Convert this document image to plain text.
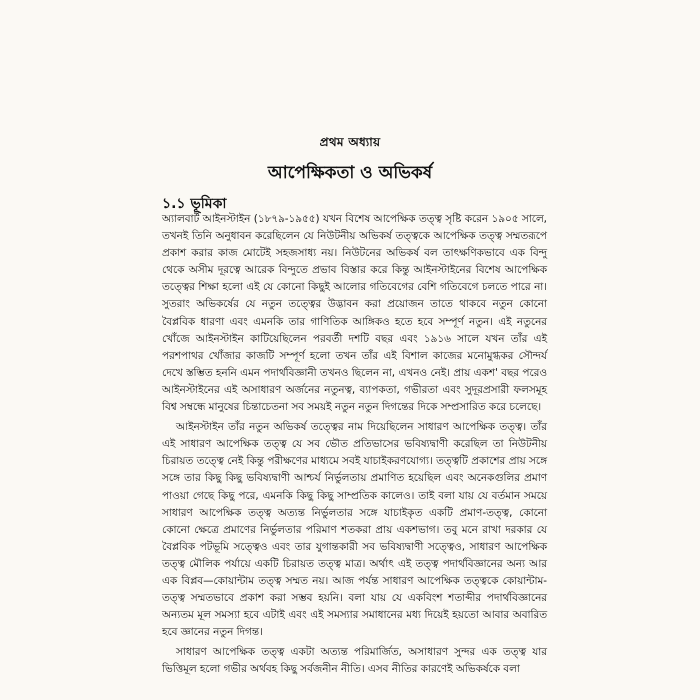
প্রথম অধ্যায়
আপেক্ষিকতা ও অভিকর্ষ
১.১ ভূমিকা

অ্যালবার্ট আইনস্টাইন (১৮৭৯-১৯৫৫) যখন বিশেষ আপেক্ষিক তত্ত্ব সৃষ্টি করেন ১৯০৫ সালে, তখনই তিনি অনুধাবন করেছিলেন যে নিউটনীয় অভিকর্ষ তত্ত্বকে আপেক্ষিক তত্ত্ব সম্মতরূপে প্রকাশ করার কাজ মোটেই সহজসাধ্য নয়। নিউটনের অভিকর্ষ বল তাৎক্ষণিকভাবে এক বিন্দু থেকে অসীম দূরত্বে আরেক বিন্দুতে প্রভাব বিস্তার করে কিন্তু আইনস্টাইনের বিশেষ আপেক্ষিক তত্ত্বের শিক্ষা হলো এই যে কোনো কিছুই আলোর গতিবেগের বেশি গতিবেগে চলতে পারে না। সুতরাং অভিকর্ষের যে নতুন তত্ত্বের উদ্ভাবন করা প্রয়োজন তাতে থাকবে নতুন কোনো বৈপ্লবিক ধারণা এবং এমনকি তার গাণিতিক আঙ্গিকও হতে হবে সম্পূর্ণ নতুন। এই নতুনের খোঁজে আইনস্টাইন কাটিয়েছিলেন পরবর্তী দশটি বছর এবং ১৯১৬ সালে যখন তাঁর এই পরশপাথর খোঁজার কাজটি সম্পূর্ণ হলো তখন তাঁর এই বিশাল কাজের মনোমুগ্ধকর সৌন্দর্য দেখে স্তম্ভিত হননি এমন পদার্থবিজ্ঞানী তখনও ছিলেন না, এখনও নেই। প্রায় একশ' বছর পরেও আইনস্টাইনের এই অসাধারণ অর্জনের নতুনত্ব, ব্যাপকতা, গভীরতা এবং সুদূরপ্রসারী ফলসমূহ বিশ্ব সম্বন্ধে মানুষের চিন্তাচেতনা সব সময়ই নতুন নতুন দিগন্তের দিকে সম্প্রসারিত করে চলেছে।

আইনস্টাইন তাঁর নতুন অভিকর্ষ তত্ত্বের নাম দিয়েছিলেন সাধারণ আপেক্ষিক তত্ত্ব। তাঁর এই সাধারণ আপেক্ষিক তত্ত্ব যে সব ভৌত প্রতিভাসের ভবিষ্যদ্বাণী করেছিল তা নিউটনীয় চিরায়ত তত্ত্বে নেই কিন্তু পরীক্ষণের মাধ্যমে সবই যাচাইকরণযোগ্য। তত্ত্বটি প্রকাশের প্রায় সঙ্গে সঙ্গে তার কিছু কিছু ভবিষ্যদ্বাণী আশ্চর্য নির্ভুলতায় প্রমাণিত হয়েছিল এবং অনেকগুলির প্রমাণ পাওয়া গেছে কিছু পরে, এমনকি কিছু কিছু সাম্প্রতিক কালেও। তাই বলা যায় যে বর্তমান সময়ে সাধারণ আপেক্ষিক তত্ত্ব অত্যন্ত নির্ভুলতার সঙ্গে যাচাইকৃত একটি প্রমাণ-তত্ত্ব, কোনো কোনো ক্ষেত্রে প্রমাণের নির্ভুলতার পরিমাণ শতকরা প্রায় একশভাগ। তবু মনে রাখা দরকার যে বৈপ্লবিক পটভূমি সত্ত্বেও এবং তার যুগান্তকারী সব ভবিষ্যদ্বাণী সত্ত্বেও, সাধারণ আপেক্ষিক তত্ত্ব মৌলিক পর্যায়ে একটি চিরায়ত তত্ত্ব মাত্র। অর্থাৎ এই তত্ত্ব পদার্থবিজ্ঞানের অন্য আর এক বিপ্লব—কোয়ান্টাম তত্ত্ব সম্মত নয়। আজ পর্যন্ত সাধারণ আপেক্ষিক তত্ত্বকে কোয়ান্টাম-তত্ত্ব সম্মতভাবে প্রকাশ করা সম্ভব হয়নি। বলা যায় যে একবিংশ শতাব্দীর পদার্থবিজ্ঞানের অন্যতম মূল সমস্যা হবে এটাই এবং এই সমস্যার সমাধানের মধ্য দিয়েই হয়তো আবার অবারিত হবে জ্ঞানের নতুন দিগন্ত।

সাধারণ আপেক্ষিক তত্ত্ব একটা অত্যন্ত পরিমার্জিত, অসাধারণ সুন্দর এক তত্ত্ব যার ভিত্তিমূল হলো গভীর অর্থবহ কিছু সর্বজনীন নীতি। এসব নীতির কারণেই অভিকর্ষকে বলা
